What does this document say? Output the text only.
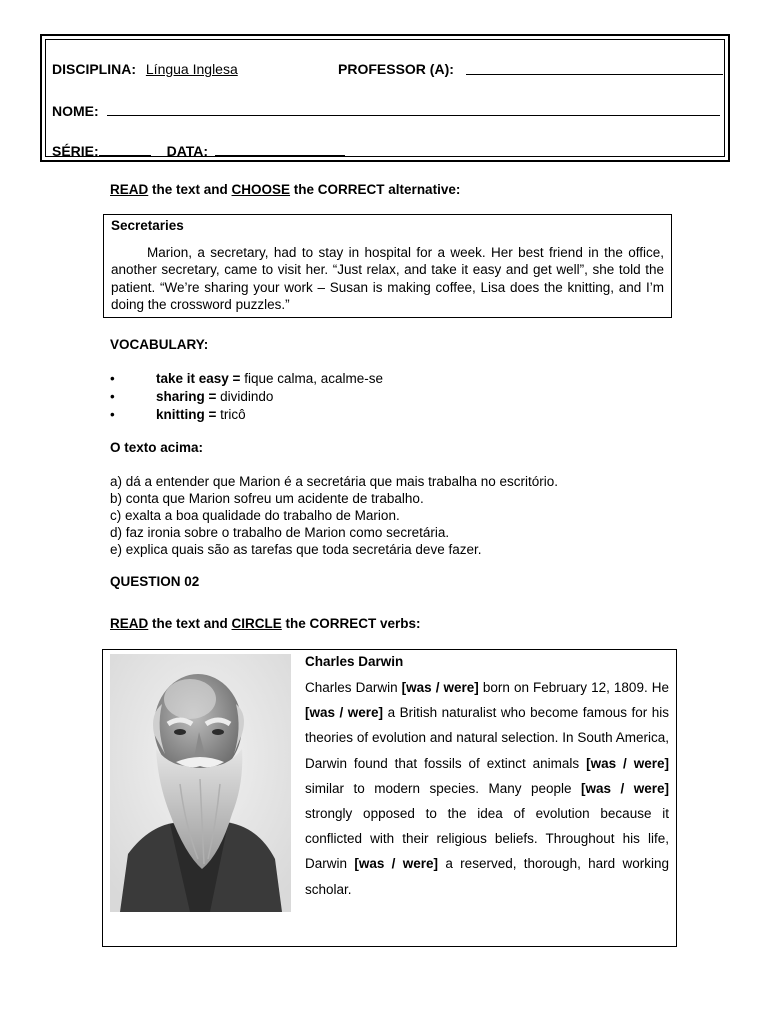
DISCIPLINA: Língua Inglesa	PROFESSOR (A):
NOME:
SÉRIE:	DATA:
READ the text and CHOOSE the CORRECT alternative:
Secretaries
Marion, a secretary, had to stay in hospital for a week. Her best friend in the office, another secretary, came to visit her. “Just relax, and take it easy and get well”, she told the patient. “We’re sharing your work – Susan is making coffee, Lisa does the knitting, and I’m doing the crossword puzzles.”
VOCABULARY:
•	take it easy = fique calma, acalme-se
•	sharing = dividindo
•	knitting = tricô
O texto acima:
a) dá a entender que Marion é a secretária que mais trabalha no escritório.
b) conta que Marion sofreu um acidente de trabalho.
c) exalta a boa qualidade do trabalho de Marion.
d) faz ironia sobre o trabalho de Marion como secretária.
e) explica quais são as tarefas que toda secretária deve fazer.
QUESTION 02
READ the text and CIRCLE the CORRECT verbs:
Charles Darwin
Charles Darwin [was / were] born on February 12, 1809. He [was / were] a British naturalist who become famous for his theories of evolution and natural selection. In South America, Darwin found that fossils of extinct animals [was / were] similar to modern species. Many people [was / were] strongly opposed to the idea of evolution because it conflicted with their religious beliefs. Throughout his life, Darwin [was / were] a reserved, thorough, hard working scholar.
